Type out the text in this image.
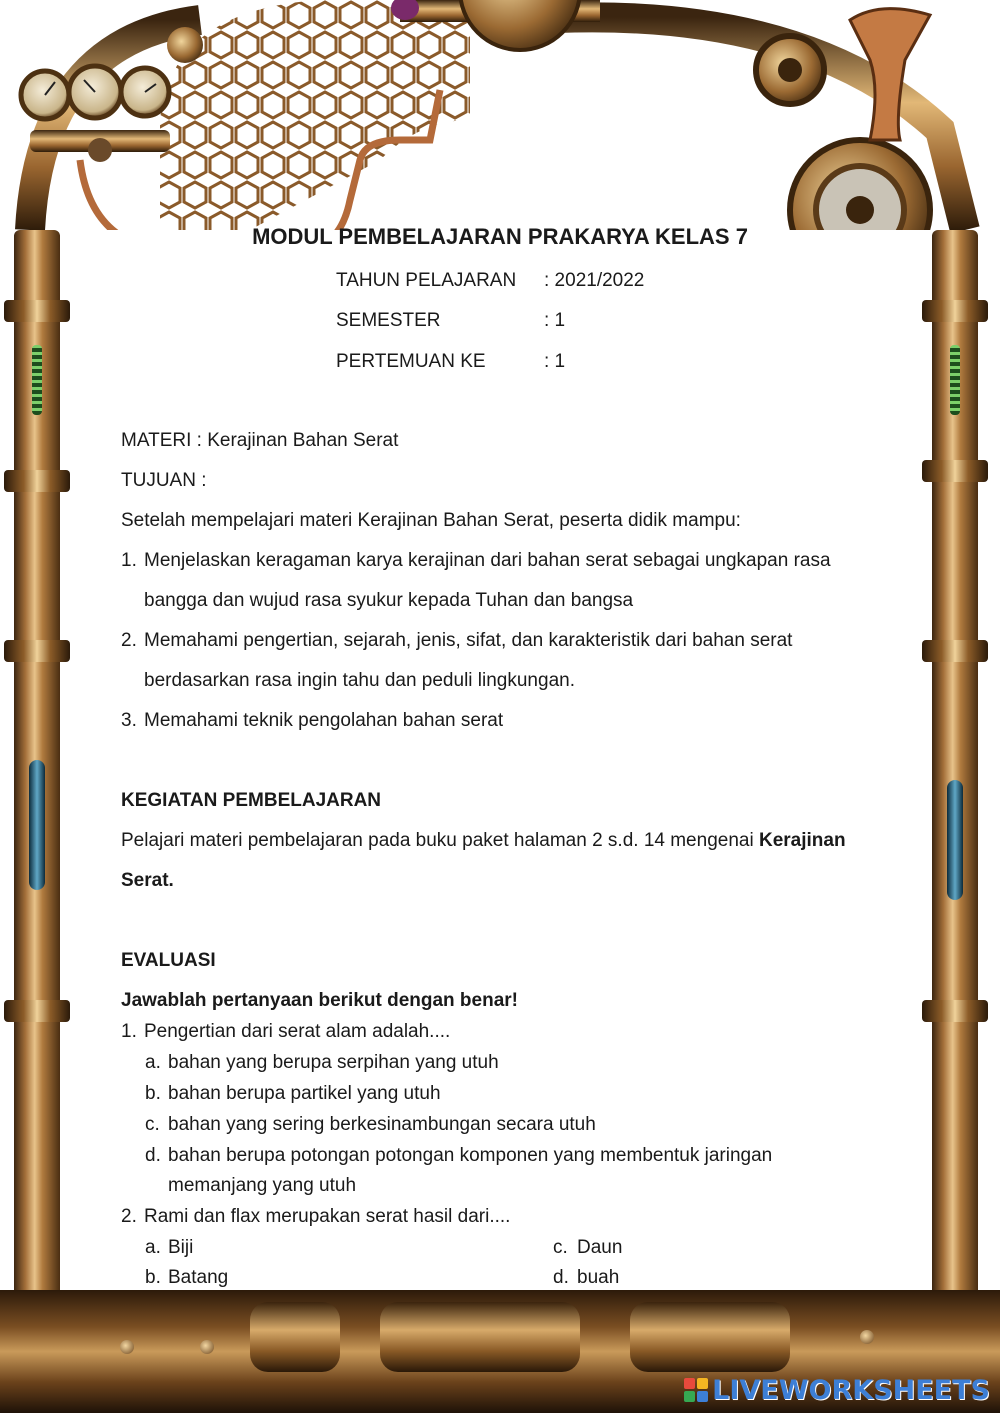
MODUL PEMBELAJARAN PRAKARYA KELAS 7
TAHUN PELAJARAN : 2021/2022
SEMESTER	: 1
PERTEMUAN KE	: 1
MATERI : Kerajinan Bahan Serat
TUJUAN :
Setelah mempelajari materi Kerajinan Bahan Serat, peserta didik mampu:
1. Menjelaskan keragaman karya kerajinan dari bahan serat sebagai ungkapan rasa
bangga dan wujud rasa syukur kepada Tuhan dan bangsa
2. Memahami pengertian, sejarah, jenis, sifat, dan karakteristik dari bahan serat
berdasarkan rasa ingin tahu dan peduli lingkungan.
3. Memahami teknik pengolahan bahan serat
KEGIATAN PEMBELAJARAN
Pelajari materi pembelajaran pada buku paket halaman 2 s.d. 14 mengenai Kerajinan
Serat.
EVALUASI
Jawablah pertanyaan berikut dengan benar!
1. Pengertian dari serat alam adalah....
a. bahan yang berupa serpihan yang utuh
b. bahan berupa partikel yang utuh
c. bahan yang sering berkesinambungan secara utuh
d. bahan berupa potongan potongan komponen yang membentuk jaringan
memanjang yang utuh
2. Rami dan flax merupakan serat hasil dari....
a. Biji
b. Batang
c. Daun
d. buah
LIVEWORKSHEETS
